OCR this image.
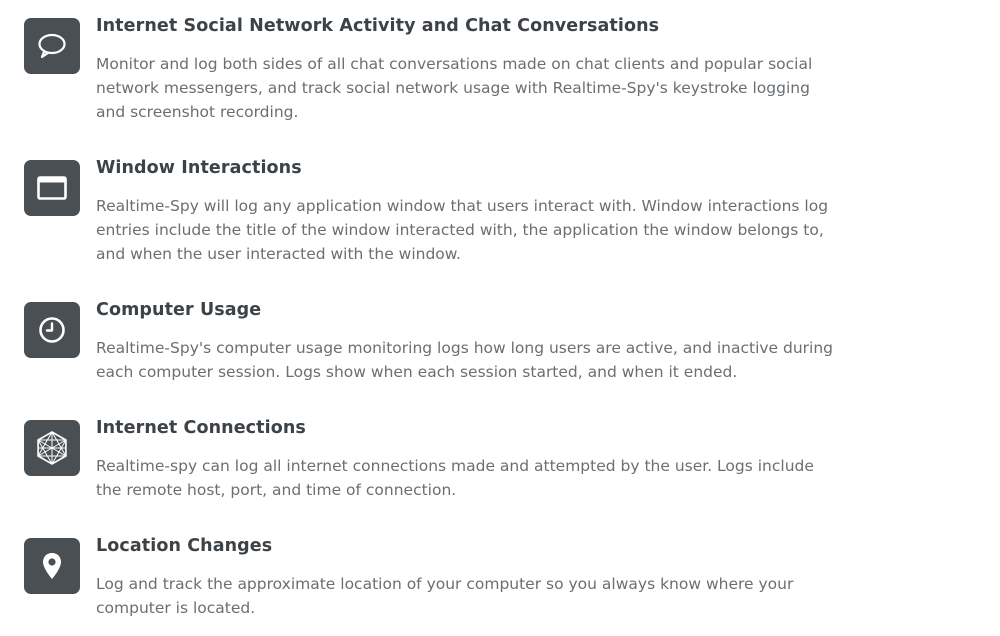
Internet Social Network Activity and Chat Conversations

Monitor and log both sides of all chat conversations made on chat clients and popular social network messengers, and track social network usage with Realtime-Spy's keystroke logging and screenshot recording.

Window Interactions

Realtime-Spy will log any application window that users interact with. Window interactions log entries include the title of the window interacted with, the application the window belongs to, and when the user interacted with the window.

Computer Usage

Realtime-Spy's computer usage monitoring logs how long users are active, and inactive during each computer session. Logs show when each session started, and when it ended.

Internet Connections

Realtime-spy can log all internet connections made and attempted by the user. Logs include the remote host, port, and time of connection.

Location Changes

Log and track the approximate location of your computer so you always know where your computer is located.
